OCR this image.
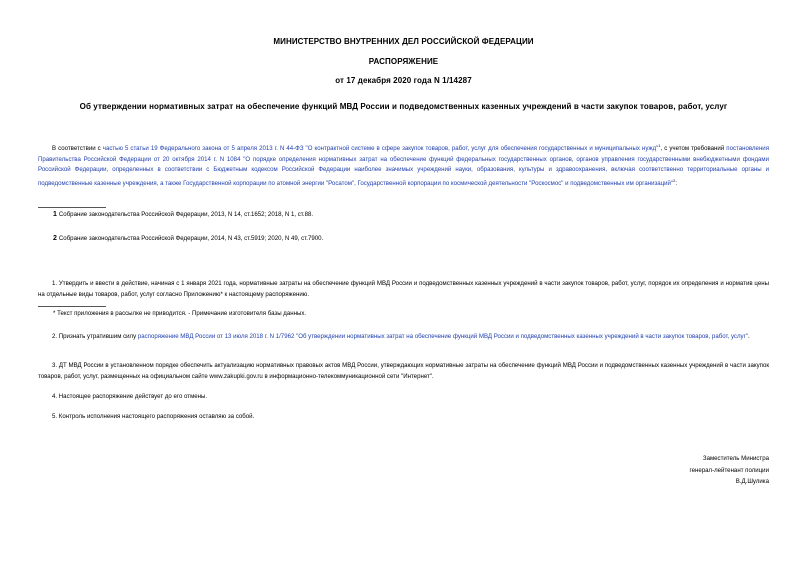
МИНИСТЕРСТВО ВНУТРЕННИХ ДЕЛ РОССИЙСКОЙ ФЕДЕРАЦИИ
РАСПОРЯЖЕНИЕ
от 17 декабря 2020 года N 1/14287
Об утверждении нормативных затрат на обеспечение функций МВД России и подведомственных казенных учреждений в части закупок товаров, работ, услуг
В соответствии с частью 5 статьи 19 Федерального закона от 5 апреля 2013 г. N 44-ФЗ "О контрактной системе в сфере закупок товаров, работ, услуг для обеспечения государственных и муниципальных нужд"$^1$, с учетом требований постановления Правительства Российской Федерации от 20 октября 2014 г. N 1084 "О порядке определения нормативных затрат на обеспечение функций федеральных государственных органов, органов управления государственными внебюджетными фондами Российской Федерации, определенных в соответствии с Бюджетным кодексом Российской Федерации наиболее значимых учреждений науки, образования, культуры и здравоохранения, включая соответственно территориальные органы и подведомственные казенные учреждения, а также Государственной корпорации по атомной энергии "Росатом", Государственной корпорации по космической деятельности "Роскосмос" и подведомственных им организаций"$^2$:
1 Собрание законодательства Российской Федерации, 2013, N 14, ст.1652; 2018, N 1, ст.88.
2 Собрание законодательства Российской Федерации, 2014, N 43, ст.5919; 2020, N 49, ст.7900.
1. Утвердить и ввести в действие, начиная с 1 января 2021 года, нормативные затраты на обеспечение функций МВД России и подведомственных казенных учреждений в части закупок товаров, работ, услуг, порядок их определения и норматив цены на отдельные виды товаров, работ, услуг согласно Приложению* к настоящему распоряжению.
* Текст приложения в рассылке не приводится. - Примечание изготовителя базы данных.
2. Признать утратившим силу распоряжение МВД России от 13 июля 2018 г. N 1/7962 "Об утверждении нормативных затрат на обеспечение функций МВД России и подведомственных казенных учреждений в части закупок товаров, работ, услуг".
3. ДТ МВД России в установленном порядке обеспечить актуализацию нормативных правовых актов МВД России, утверждающих нормативные затраты на обеспечение функций МВД России и подведомственных казенных учреждений в части закупок товаров, работ, услуг, размещенных на официальном сайте www.zakupki.gov.ru в информационно-телекоммуникационной сети "Интернет".
4. Настоящее распоряжение действует до его отмены.
5. Контроль исполнения настоящего распоряжения оставляю за собой.
Заместитель Министра
генерал-лейтенант полиции
В.Д.Шулика
